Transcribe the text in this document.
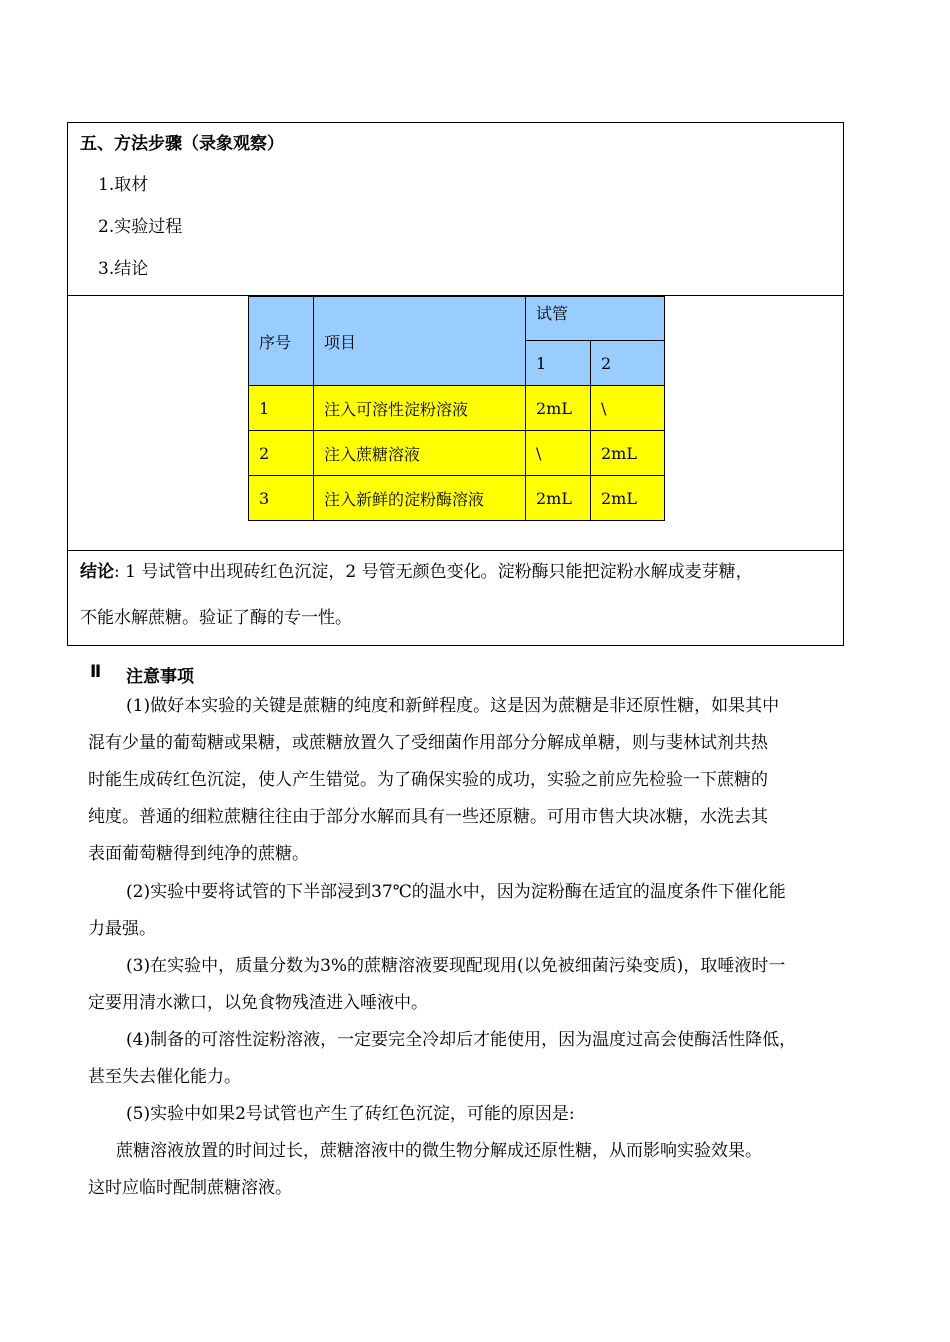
五、方法步骤（录象观察）
1.取材
2.实验过程
3.结论
序号	项目	试管	
		1	2
1	注入可溶性淀粉溶液	2mL	\
2	注入蔗糖溶液	\	2mL
3	注入新鲜的淀粉酶溶液	2mL	2mL
结论: 1 号试管中出现砖红色沉淀，2 号管无颜色变化。淀粉酶只能把淀粉水解成麦芽糖，
不能水解蔗糖。验证了酶的专一性。
Ⅱ 注意事项
(1)做好本实验的关键是蔗糖的纯度和新鲜程度。这是因为蔗糖是非还原性糖，如果其中
混有少量的葡萄糖或果糖，或蔗糖放置久了受细菌作用部分分解成单糖，则与斐林试剂共热
时能生成砖红色沉淀，使人产生错觉。为了确保实验的成功，实验之前应先检验一下蔗糖的
纯度。普通的细粒蔗糖往往由于部分水解而具有一些还原糖。可用市售大块冰糖，水洗去其
表面葡萄糖得到纯净的蔗糖。
(2)实验中要将试管的下半部浸到37℃的温水中，因为淀粉酶在适宜的温度条件下催化能
力最强。
(3)在实验中，质量分数为3%的蔗糖溶液要现配现用(以免被细菌污染变质)，取唾液时一
定要用清水漱口，以免食物残渣进入唾液中。
(4)制备的可溶性淀粉溶液，一定要完全冷却后才能使用，因为温度过高会使酶活性降低，
甚至失去催化能力。
(5)实验中如果2号试管也产生了砖红色沉淀，可能的原因是:
蔗糖溶液放置的时间过长，蔗糖溶液中的微生物分解成还原性糖，从而影响实验效果。
这时应临时配制蔗糖溶液。
